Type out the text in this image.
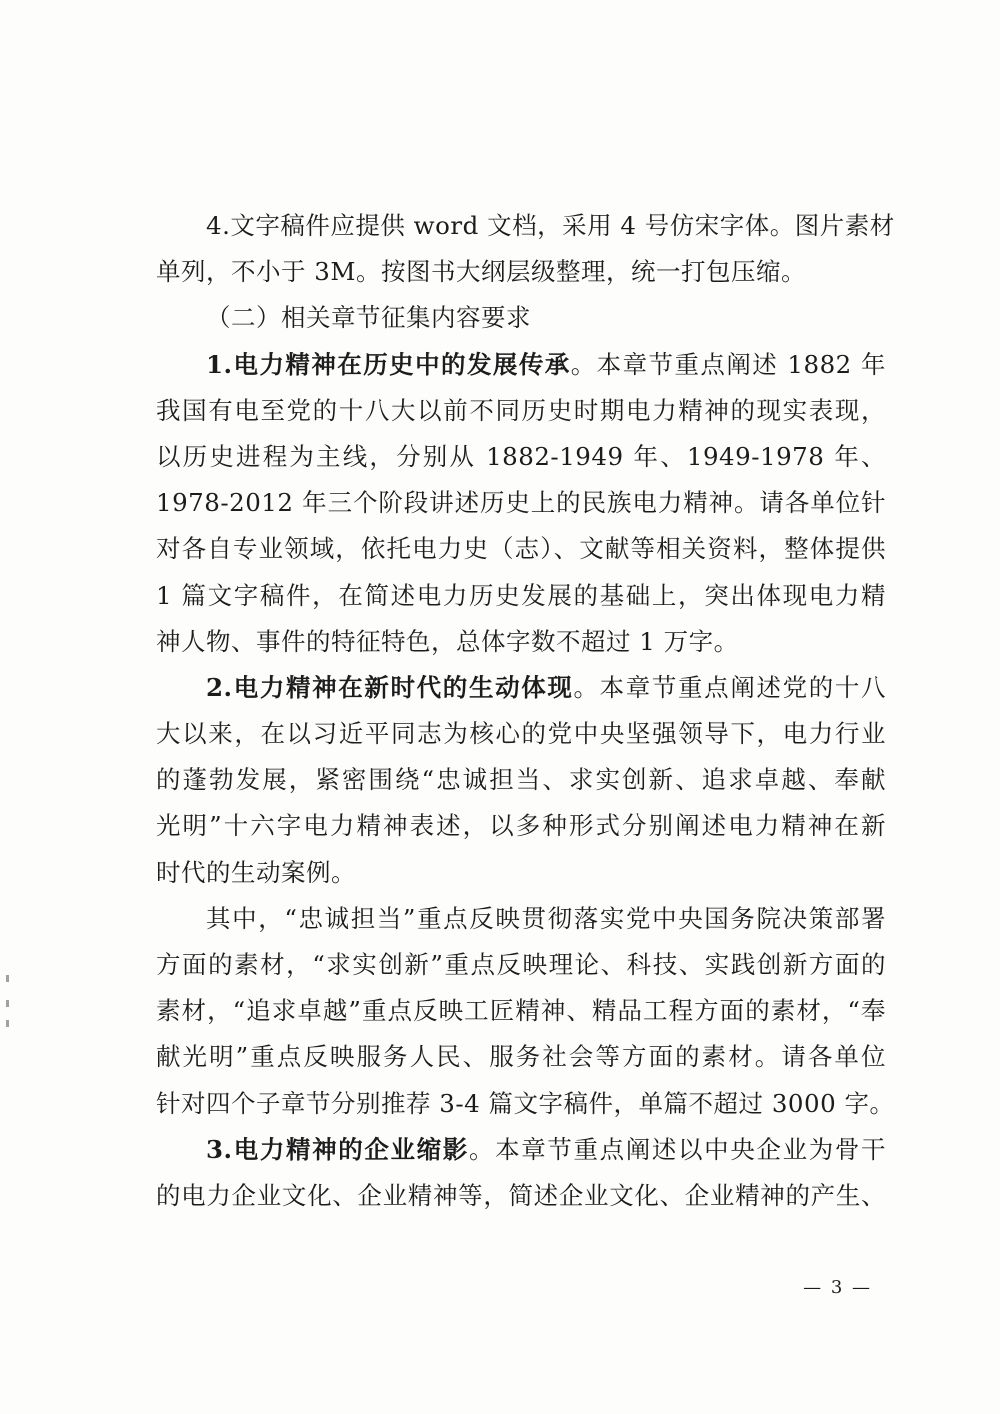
4.文字稿件应提供 word 文档，采用 4 号仿宋字体。图片素材
单列，不小于 3M。按图书大纲层级整理，统一打包压缩。
（二）相关章节征集内容要求
1.电力精神在历史中的发展传承。本章节重点阐述 1882 年
我国有电至党的十八大以前不同历史时期电力精神的现实表现，
以历史进程为主线，分别从 1882-1949 年、1949-1978 年、
1978-2012 年三个阶段讲述历史上的民族电力精神。请各单位针
对各自专业领域，依托电力史（志）、文献等相关资料，整体提供
1 篇文字稿件，在简述电力历史发展的基础上，突出体现电力精
神人物、事件的特征特色，总体字数不超过 1 万字。
2.电力精神在新时代的生动体现。本章节重点阐述党的十八
大以来，在以习近平同志为核心的党中央坚强领导下，电力行业
的蓬勃发展，紧密围绕“忠诚担当、求实创新、追求卓越、奉献
光明”十六字电力精神表述，以多种形式分别阐述电力精神在新
时代的生动案例。
其中，“忠诚担当”重点反映贯彻落实党中央国务院决策部署
方面的素材，“求实创新”重点反映理论、科技、实践创新方面的
素材，“追求卓越”重点反映工匠精神、精品工程方面的素材，“奉
献光明”重点反映服务人民、服务社会等方面的素材。请各单位
针对四个子章节分别推荐 3-4 篇文字稿件，单篇不超过 3000 字。
3.电力精神的企业缩影。本章节重点阐述以中央企业为骨干
的电力企业文化、企业精神等，简述企业文化、企业精神的产生、
— 3 —
